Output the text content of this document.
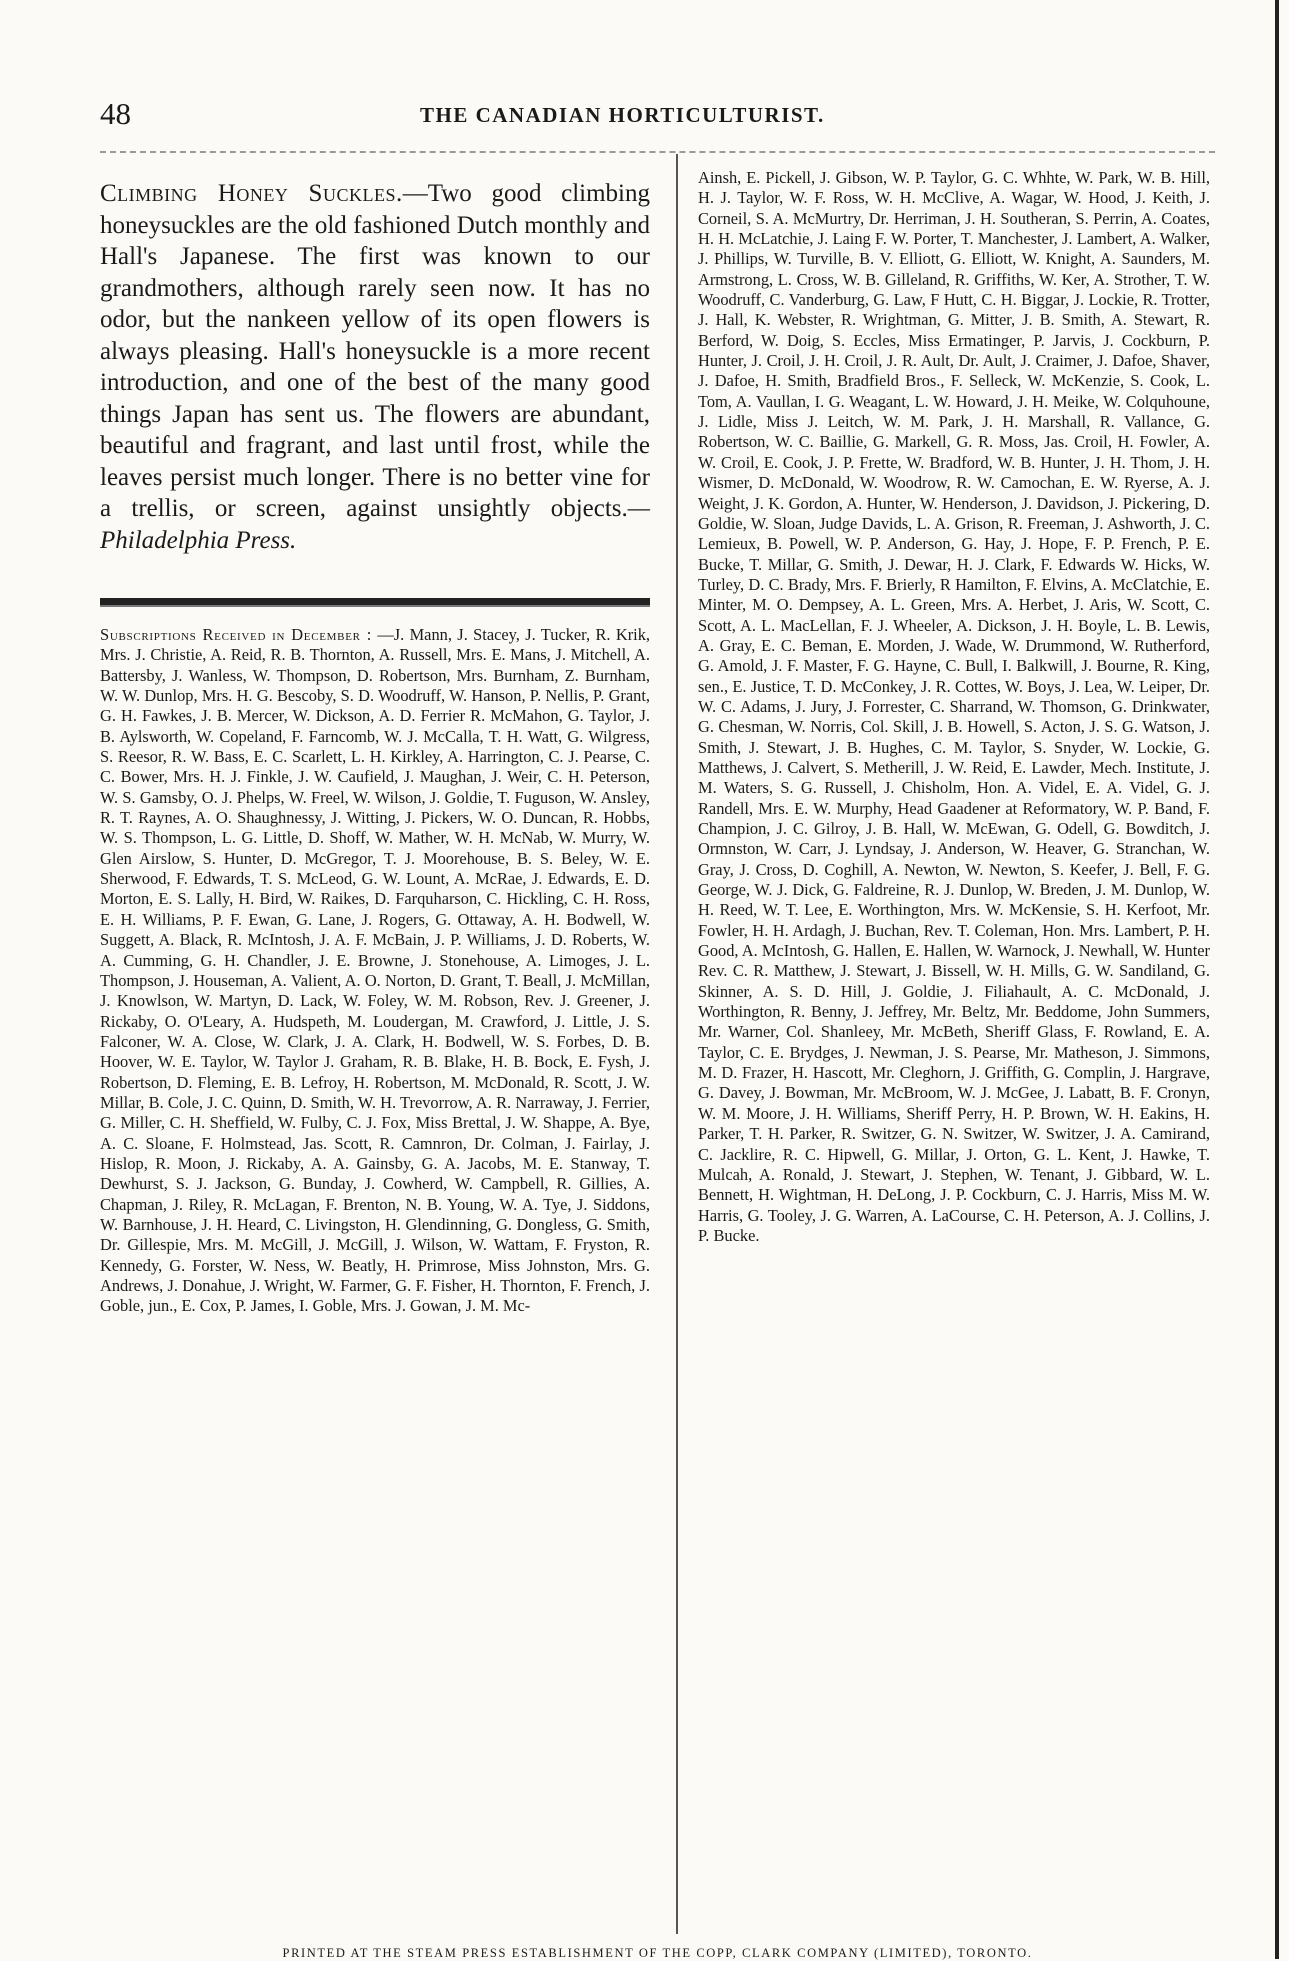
48	THE CANADIAN HORTICULTURIST.

Climbing Honey Suckles.—Two good climbing honeysuckles are the old fashioned Dutch monthly and Hall's Japanese. The first was known to our grandmothers, although rarely seen now. It has no odor, but the nankeen yellow of its open flowers is always pleasing. Hall's honeysuckle is a more recent introduction, and one of the best of the many good things Japan has sent us. The flowers are abundant, beautiful and fragrant, and last until frost, while the leaves persist much longer. There is no better vine for a trellis, or screen, against unsightly objects.—Philadelphia Press.

Subscriptions Received in December : —J. Mann, J. Stacey, J. Tucker, R. Krik, Mrs. J. Christie, A. Reid, R. B. Thornton, A. Russell, Mrs. E. Mans, J. Mitchell, A. Battersby, J. Wanless, W. Thompson, D. Robertson, Mrs. Burnham, Z. Burnham, W. W. Dunlop, Mrs. H. G. Bescoby, S. D. Woodruff, W. Hanson, P. Nellis, P. Grant, G. H. Fawkes, J. B. Mercer, W. Dickson, A. D. Ferrier R. McMahon, G. Taylor, J. B. Aylsworth, W. Copeland, F. Farncomb, W. J. McCalla, T. H. Watt, G. Wilgress, S. Reesor, R. W. Bass, E. C. Scarlett, L. H. Kirkley, A. Harrington, C. J. Pearse, C. C. Bower, Mrs. H. J. Finkle, J. W. Caufield, J. Maughan, J. Weir, C. H. Peterson, W. S. Gamsby, O. J. Phelps, W. Freel, W. Wilson, J. Goldie, T. Fuguson, W. Ansley, R. T. Raynes, A. O. Shaughnessy, J. Witting, J. Pickers, W. O. Duncan, R. Hobbs, W. S. Thompson, L. G. Little, D. Shoff, W. Mather, W. H. McNab, W. Murry, W. Glen Airslow, S. Hunter, D. McGregor, T. J. Moorehouse, B. S. Beley, W. E. Sherwood, F. Edwards, T. S. McLeod, G. W. Lount, A. McRae, J. Edwards, E. D. Morton, E. S. Lally, H. Bird, W. Raikes, D. Farquharson, C. Hickling, C. H. Ross, E. H. Williams, P. F. Ewan, G. Lane, J. Rogers, G. Ottaway, A. H. Bodwell, W. Suggett, A. Black, R. McIntosh, J. A. F. McBain, J. P. Williams, J. D. Roberts, W. A. Cumming, G. H. Chandler, J. E. Browne, J. Stonehouse, A. Limoges, J. L. Thompson, J. Houseman, A. Valient, A. O. Norton, D. Grant, T. Beall, J. McMillan, J. Knowlson, W. Martyn, D. Lack, W. Foley, W. M. Robson, Rev. J. Greener, J. Rickaby, O. O'Leary, A. Hudspeth, M. Loudergan, M. Crawford, J. Little, J. S. Falconer, W. A. Close, W. Clark, J. A. Clark, H. Bodwell, W. S. Forbes, D. B. Hoover, W. E. Taylor, W. Taylor J. Graham, R. B. Blake, H. B. Bock, E. Fysh, J. Robertson, D. Fleming, E. B. Lefroy, H. Robertson, M. McDonald, R. Scott, J. W. Millar, B. Cole, J. C. Quinn, D. Smith, W. H. Trevorrow, A. R. Narraway, J. Ferrier, G. Miller, C. H. Sheffield, W. Fulby, C. J. Fox, Miss Brettal, J. W. Shappe, A. Bye, A. C. Sloane, F. Holmstead, Jas. Scott, R. Camnron, Dr. Colman, J. Fairlay, J. Hislop, R. Moon, J. Rickaby, A. A. Gainsby, G. A. Jacobs, M. E. Stanway, T. Dewhurst, S. J. Jackson, G. Bunday, J. Cowherd, W. Campbell, R. Gillies, A. Chapman, J. Riley, R. McLagan, F. Brenton, N. B. Young, W. A. Tye, J. Siddons, W. Barnhouse, J. H. Heard, C. Livingston, H. Glendinning, G. Dongless, G. Smith, Dr. Gillespie, Mrs. M. McGill, J. McGill, J. Wilson, W. Wattam, F. Fryston, R. Kennedy, G. Forster, W. Ness, W. Beatly, H. Primrose, Miss Johnston, Mrs. G. Andrews, J. Donahue, J. Wright, W. Farmer, G. F. Fisher, H. Thornton, F. French, J. Goble, jun., E. Cox, P. James, I. Goble, Mrs. J. Gowan, J. M. Mc-

Ainsh, E. Pickell, J. Gibson, W. P. Taylor, G. C. Whhte, W. Park, W. B. Hill, H. J. Taylor, W. F. Ross, W. H. McClive, A. Wagar, W. Hood, J. Keith, J. Corneil, S. A. McMurtry, Dr. Herriman, J. H. Southeran, S. Perrin, A. Coates, H. H. McLatchie, J. Laing F. W. Porter, T. Manchester, J. Lambert, A. Walker, J. Phillips, W. Turville, B. V. Elliott, G. Elliott, W. Knight, A. Saunders, M. Armstrong, L. Cross, W. B. Gilleland, R. Griffiths, W. Ker, A. Strother, T. W. Woodruff, C. Vanderburg, G. Law, F Hutt, C. H. Biggar, J. Lockie, R. Trotter, J. Hall, K. Webster, R. Wrightman, G. Mitter, J. B. Smith, A. Stewart, R. Berford, W. Doig, S. Eccles, Miss Ermatinger, P. Jarvis, J. Cockburn, P. Hunter, J. Croil, J. H. Croil, J. R. Ault, Dr. Ault, J. Craimer, J. Dafoe, Shaver, J. Dafoe, H. Smith, Bradfield Bros., F. Selleck, W. McKenzie, S. Cook, L. Tom, A. Vaullan, I. G. Weagant, L. W. Howard, J. H. Meike, W. Colquhoune, J. Lidle, Miss J. Leitch, W. M. Park, J. H. Marshall, R. Vallance, G. Robertson, W. C. Baillie, G. Markell, G. R. Moss, Jas. Croil, H. Fowler, A. W. Croil, E. Cook, J. P. Frette, W. Bradford, W. B. Hunter, J. H. Thom, J. H. Wismer, D. McDonald, W. Woodrow, R. W. Camochan, E. W. Ryerse, A. J. Weight, J. K. Gordon, A. Hunter, W. Henderson, J. Davidson, J. Pickering, D. Goldie, W. Sloan, Judge Davids, L. A. Grison, R. Freeman, J. Ashworth, J. C. Lemieux, B. Powell, W. P. Anderson, G. Hay, J. Hope, F. P. French, P. E. Bucke, T. Millar, G. Smith, J. Dewar, H. J. Clark, F. Edwards W. Hicks, W. Turley, D. C. Brady, Mrs. F. Brierly, R Hamilton, F. Elvins, A. McClatchie, E. Minter, M. O. Dempsey, A. L. Green, Mrs. A. Herbet, J. Aris, W. Scott, C. Scott, A. L. MacLellan, F. J. Wheeler, A. Dickson, J. H. Boyle, L. B. Lewis, A. Gray, E. C. Beman, E. Morden, J. Wade, W. Drummond, W. Rutherford, G. Amold, J. F. Master, F. G. Hayne, C. Bull, I. Balkwill, J. Bourne, R. King, sen., E. Justice, T. D. McConkey, J. R. Cottes, W. Boys, J. Lea, W. Leiper, Dr. W. C. Adams, J. Jury, J. Forrester, C. Sharrand, W. Thomson, G. Drinkwater, G. Chesman, W. Norris, Col. Skill, J. B. Howell, S. Acton, J. S. G. Watson, J. Smith, J. Stewart, J. B. Hughes, C. M. Taylor, S. Snyder, W. Lockie, G. Matthews, J. Calvert, S. Metherill, J. W. Reid, E. Lawder, Mech. Institute, J. M. Waters, S. G. Russell, J. Chisholm, Hon. A. Videl, E. A. Videl, G. J. Randell, Mrs. E. W. Murphy, Head Gaadener at Reformatory, W. P. Band, F. Champion, J. C. Gilroy, J. B. Hall, W. McEwan, G. Odell, G. Bowditch, J. Ormnston, W. Carr, J. Lyndsay, J. Anderson, W. Heaver, G. Stranchan, W. Gray, J. Cross, D. Coghill, A. Newton, W. Newton, S. Keefer, J. Bell, F. G. George, W. J. Dick, G. Faldreine, R. J. Dunlop, W. Breden, J. M. Dunlop, W. H. Reed, W. T. Lee, E. Worthington, Mrs. W. McKensie, S. H. Kerfoot, Mr. Fowler, H. H. Ardagh, J. Buchan, Rev. T. Coleman, Hon. Mrs. Lambert, P. H. Good, A. McIntosh, G. Hallen, E. Hallen, W. Warnock, J. Newhall, W. Hunter Rev. C. R. Matthew, J. Stewart, J. Bissell, W. H. Mills, G. W. Sandiland, G. Skinner, A. S. D. Hill, J. Goldie, J. Filiahault, A. C. McDonald, J. Worthington, R. Benny, J. Jeffrey, Mr. Beltz, Mr. Beddome, John Summers, Mr. Warner, Col. Shanleey, Mr. McBeth, Sheriff Glass, F. Rowland, E. A. Taylor, C. E. Brydges, J. Newman, J. S. Pearse, Mr. Matheson, J. Simmons, M. D. Frazer, H. Hascott, Mr. Cleghorn, J. Griffith, G. Complin, J. Hargrave, G. Davey, J. Bowman, Mr. McBroom, W. J. McGee, J. Labatt, B. F. Cronyn, W. M. Moore, J. H. Williams, Sheriff Perry, H. P. Brown, W. H. Eakins, H. Parker, T. H. Parker, R. Switzer, G. N. Switzer, W. Switzer, J. A. Camirand, C. Jacklire, R. C. Hipwell, G. Millar, J. Orton, G. L. Kent, J. Hawke, T. Mulcah, A. Ronald, J. Stewart, J. Stephen, W. Tenant, J. Gibbard, W. L. Bennett, H. Wightman, H. DeLong, J. P. Cockburn, C. J. Harris, Miss M. W. Harris, G. Tooley, J. G. Warren, A. LaCourse, C. H. Peterson, A. J. Collins, J. P. Bucke.

PRINTED AT THE STEAM PRESS ESTABLISHMENT OF THE COPP, CLARK COMPANY (LIMITED), TORONTO.
